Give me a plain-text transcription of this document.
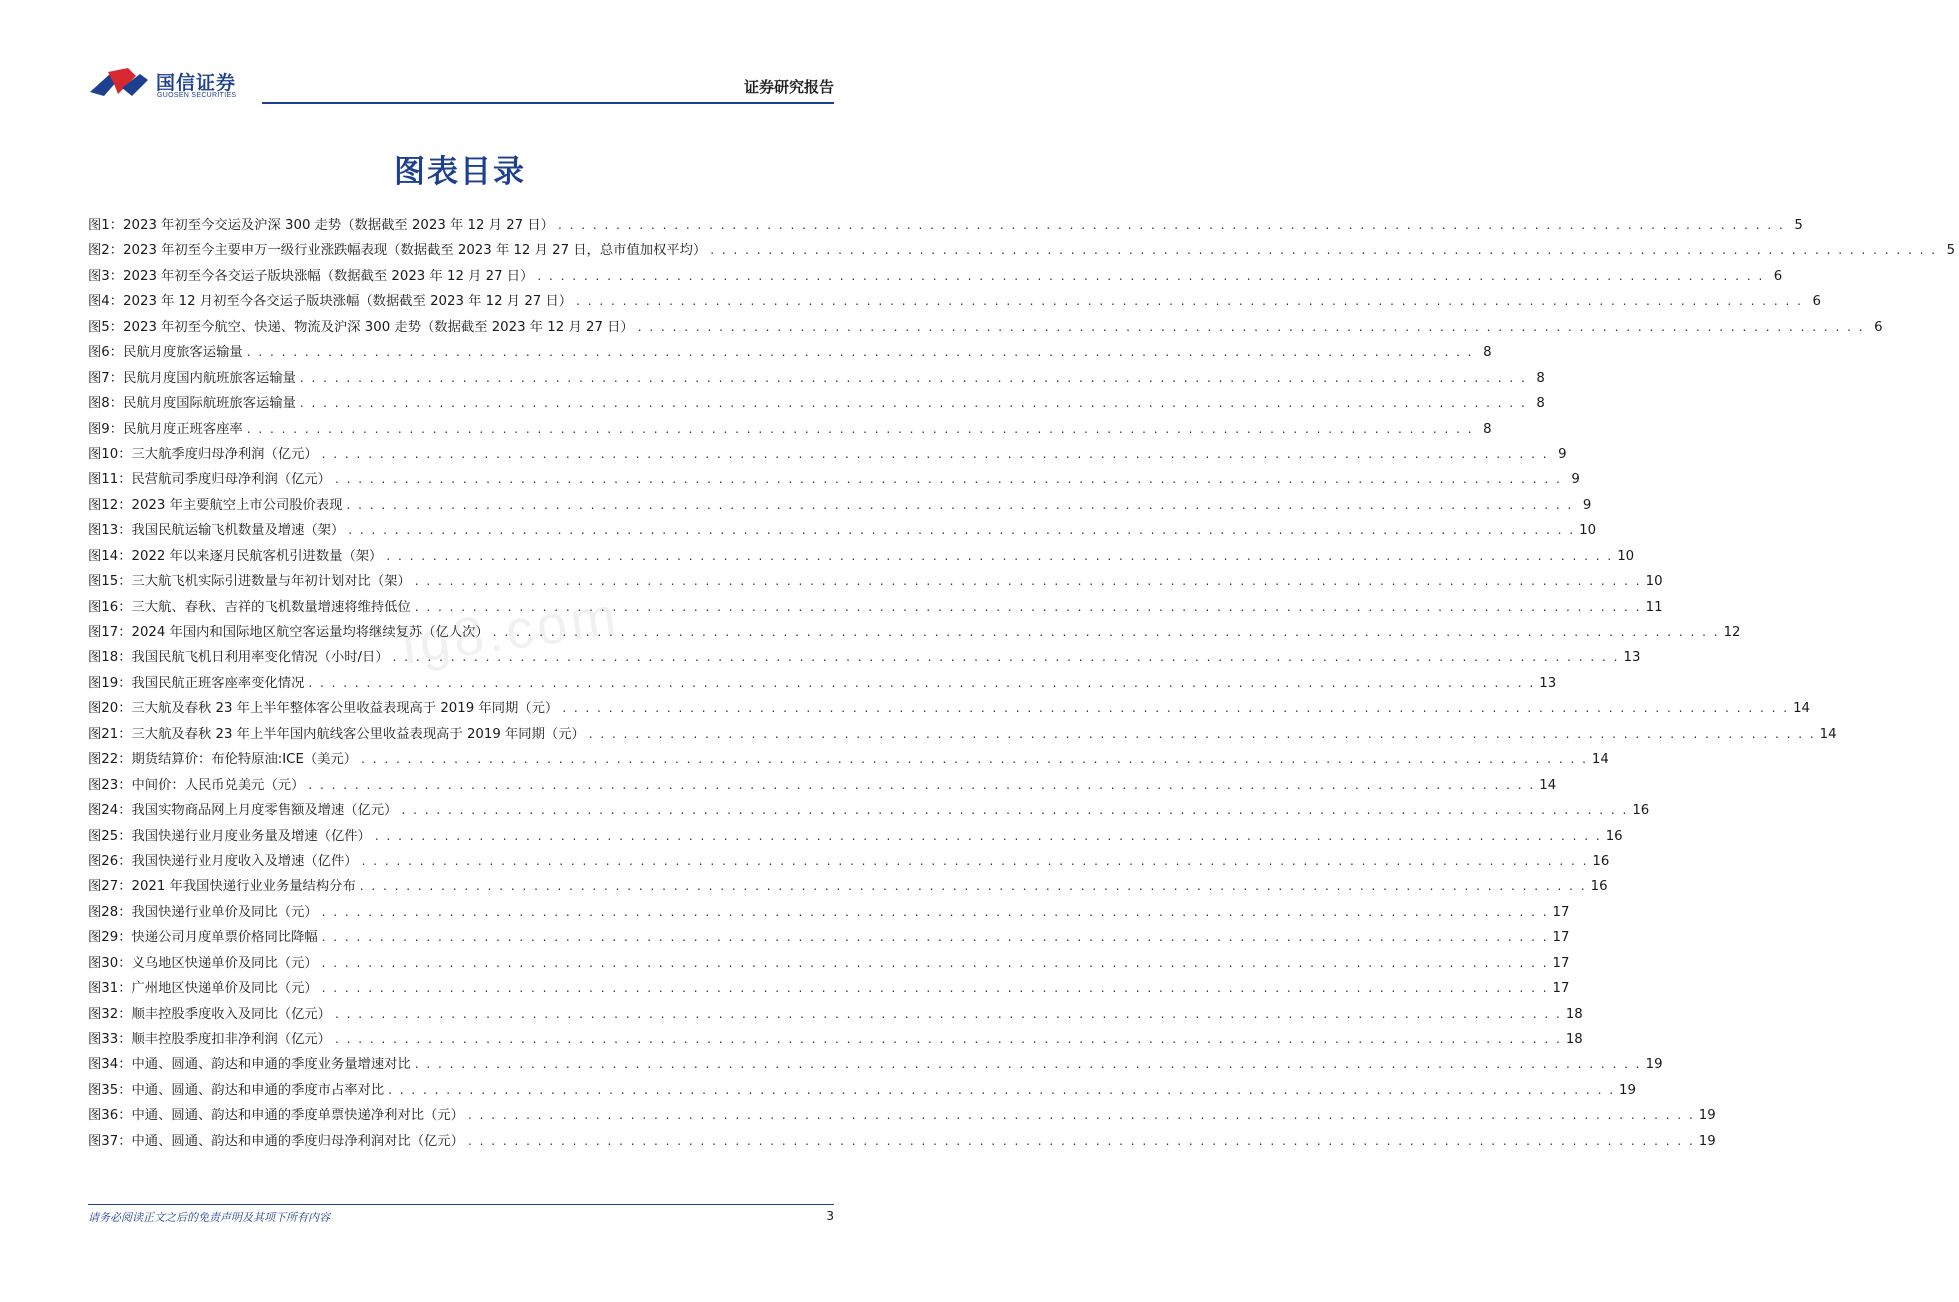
国信证券
GUOSEN SECURITIES	证券研究报告
图表目录
图1： 2023 年初至今交运及沪深 300 走势（数据截至 2023 年 12 月 27 日） . . .	5
图2： 2023 年初至今主要申万一级行业涨跌幅表现（数据截至 2023 年 12 月 27 日，总市值加权平均） . . .	5
图3： 2023 年初至今各交运子版块涨幅（数据截至 2023 年 12 月 27 日） . . .	6
图4： 2023 年 12 月初至今各交运子版块涨幅（数据截至 2023 年 12 月 27 日） . . .	6
图5： 2023 年初至今航空、快递、物流及沪深 300 走势（数据截至 2023 年 12 月 27 日） . . .	6
图6： 民航月度旅客运输量 . . .	8
图7： 民航月度国内航班旅客运输量 . . .	8
图8： 民航月度国际航班旅客运输量 . . .	8
图9： 民航月度正班客座率 . . .	8
图10： 三大航季度归母净利润（亿元） . . .	9
图11： 民营航司季度归母净利润（亿元） . . .	9
图12： 2023 年主要航空上市公司股价表现 . . .	9
图13： 我国民航运输飞机数量及增速（架） . . .	10
图14： 2022 年以来逐月民航客机引进数量（架） . . .	10
图15： 三大航飞机实际引进数量与年初计划对比（架） . . .	10
图16： 三大航、春秋、吉祥的飞机数量增速将维持低位 . . .	11
图17： 2024 年国内和国际地区航空客运量均将继续复苏（亿人次） . . .	12
图18： 我国民航飞机日利用率变化情况（小时/日） . . .	13
图19： 我国民航正班客座率变化情况 . . .	13
图20： 三大航及春秋 23 年上半年整体客公里收益表现高于 2019 年同期（元） . . .	14
图21： 三大航及春秋 23 年上半年国内航线客公里收益表现高于 2019 年同期（元） . . .	14
图22： 期货结算价：布伦特原油:ICE（美元） . . .	14
图23： 中间价：人民币兑美元（元） . . .	14
图24： 我国实物商品网上月度零售额及增速（亿元） . . .	16
图25： 我国快递行业月度业务量及增速（亿件） . . .	16
图26： 我国快递行业月度收入及增速（亿件） . . .	16
图27： 2021 年我国快递行业业务量结构分布 . . .	16
图28： 我国快递行业单价及同比（元） . . .	17
图29： 快递公司月度单票价格同比降幅 . . .	17
图30： 义乌地区快递单价及同比（元） . . .	17
图31： 广州地区快递单价及同比（元） . . .	17
图32： 顺丰控股季度收入及同比（亿元） . . .	18
图33： 顺丰控股季度扣非净利润（亿元） . . .	18
图34： 中通、圆通、韵达和申通的季度业务量增速对比 . . .	19
图35： 中通、圆通、韵达和申通的季度市占率对比 . . .	19
图36： 中通、圆通、韵达和申通的季度单票快递净利对比（元） . . .	19
图37： 中通、圆通、韵达和申通的季度归母净利润对比（亿元） . . .	19
Ig8.com
请务必阅读正文之后的免责声明及其项下所有内容	3
